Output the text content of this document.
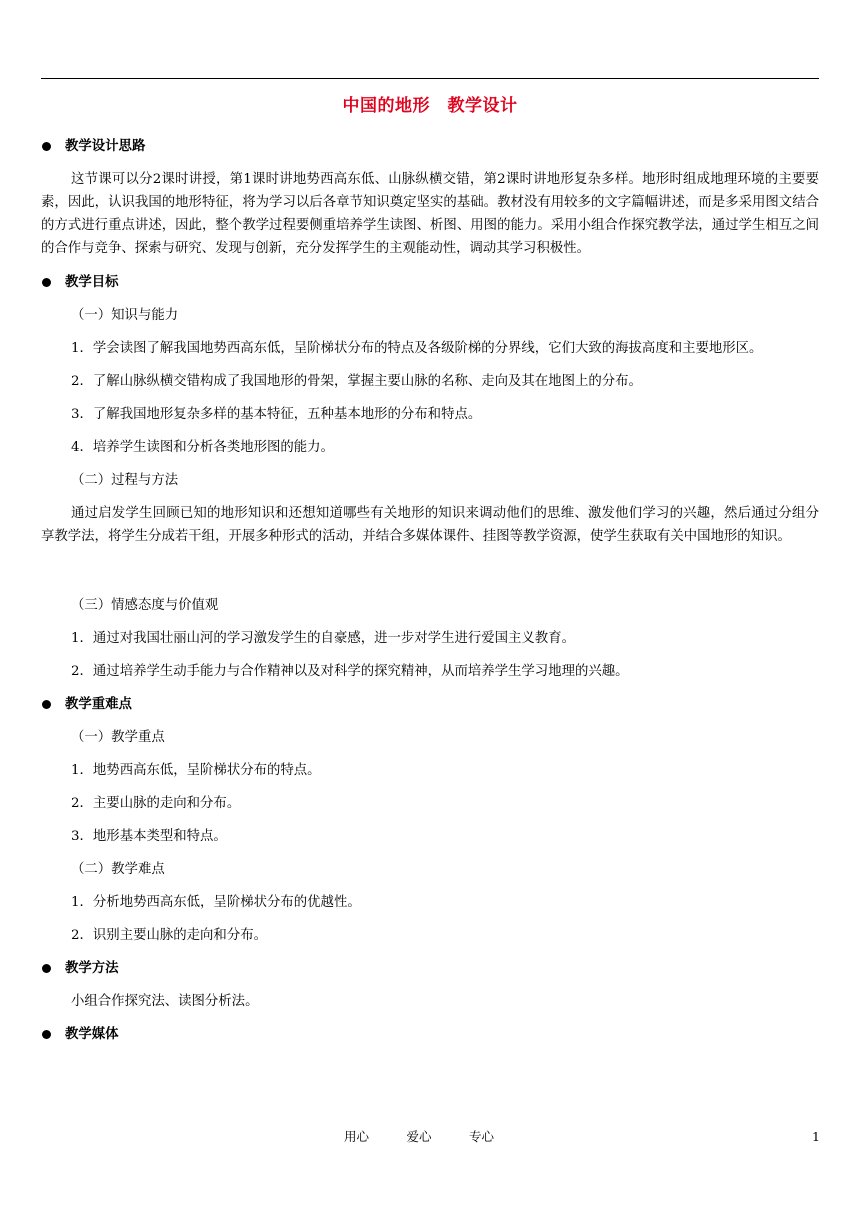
中国的地形　教学设计
教学设计思路
这节课可以分2课时讲授，第1课时讲地势西高东低、山脉纵横交错，第2课时讲地形复杂多样。地形时组成地理环境的主要要素，因此，认识我国的地形特征，将为学习以后各章节知识奠定坚实的基础。教材没有用较多的文字篇幅讲述，而是多采用图文结合的方式进行重点讲述，因此，整个教学过程要侧重培养学生读图、析图、用图的能力。采用小组合作探究教学法，通过学生相互之间的合作与竞争、探索与研究、发现与创新，充分发挥学生的主观能动性，调动其学习积极性。
教学目标
（一）知识与能力
1．学会读图了解我国地势西高东低，呈阶梯状分布的特点及各级阶梯的分界线，它们大致的海拔高度和主要地形区。
2．了解山脉纵横交错构成了我国地形的骨架，掌握主要山脉的名称、走向及其在地图上的分布。
3．了解我国地形复杂多样的基本特征，五种基本地形的分布和特点。
4．培养学生读图和分析各类地形图的能力。
（二）过程与方法
通过启发学生回顾已知的地形知识和还想知道哪些有关地形的知识来调动他们的思维、激发他们学习的兴趣，然后通过分组分享教学法，将学生分成若干组，开展多种形式的活动，并结合多媒体课件、挂图等教学资源，使学生获取有关中国地形的知识。
（三）情感态度与价值观
1．通过对我国壮丽山河的学习激发学生的自豪感，进一步对学生进行爱国主义教育。
2．通过培养学生动手能力与合作精神以及对科学的探究精神，从而培养学生学习地理的兴趣。
教学重难点
（一）教学重点
1．地势西高东低，呈阶梯状分布的特点。
2．主要山脉的走向和分布。
3．地形基本类型和特点。
（二）教学难点
1．分析地势西高东低，呈阶梯状分布的优越性。
2．识别主要山脉的走向和分布。
教学方法
小组合作探究法、读图分析法。
教学媒体
用心　　　爱心　　　专心	1
